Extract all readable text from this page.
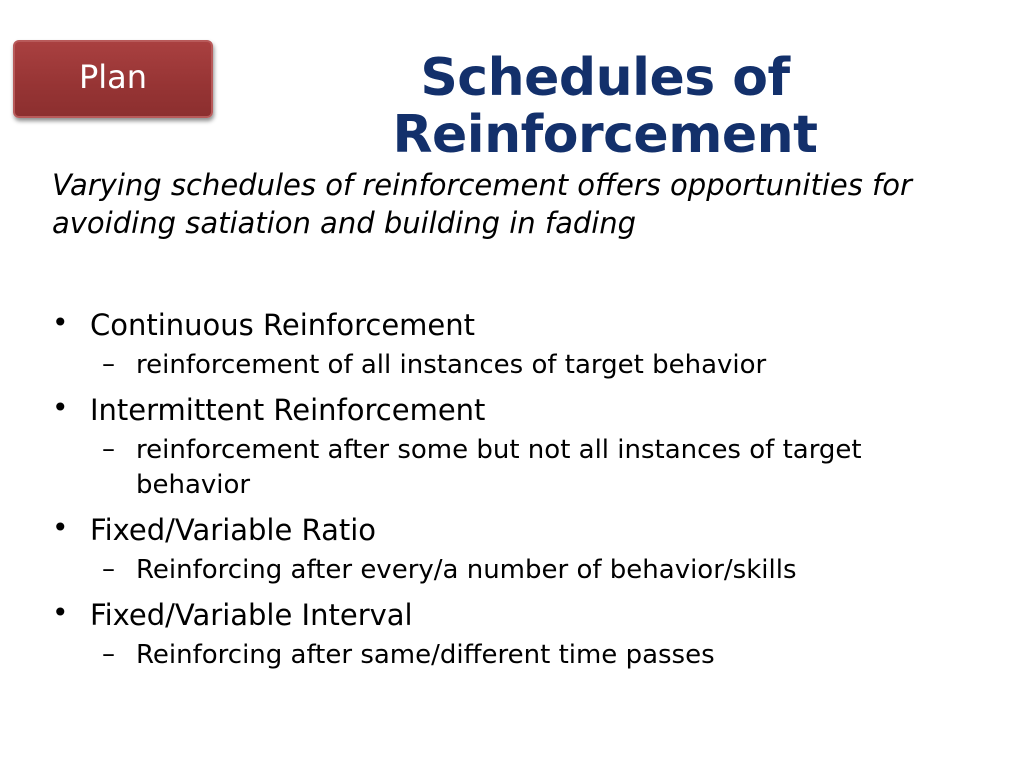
Plan	Schedules of Reinforcement

Varying schedules of reinforcement offers opportunities for avoiding satiation and building in fading

• Continuous Reinforcement

– reinforcement of all instances of target behavior

• Intermittent Reinforcement

– reinforcement after some but not all instances of target behavior

• Fixed/Variable Ratio

– Reinforcing after every/a number of behavior/skills

• Fixed/Variable Interval

– Reinforcing after same/different time passes
